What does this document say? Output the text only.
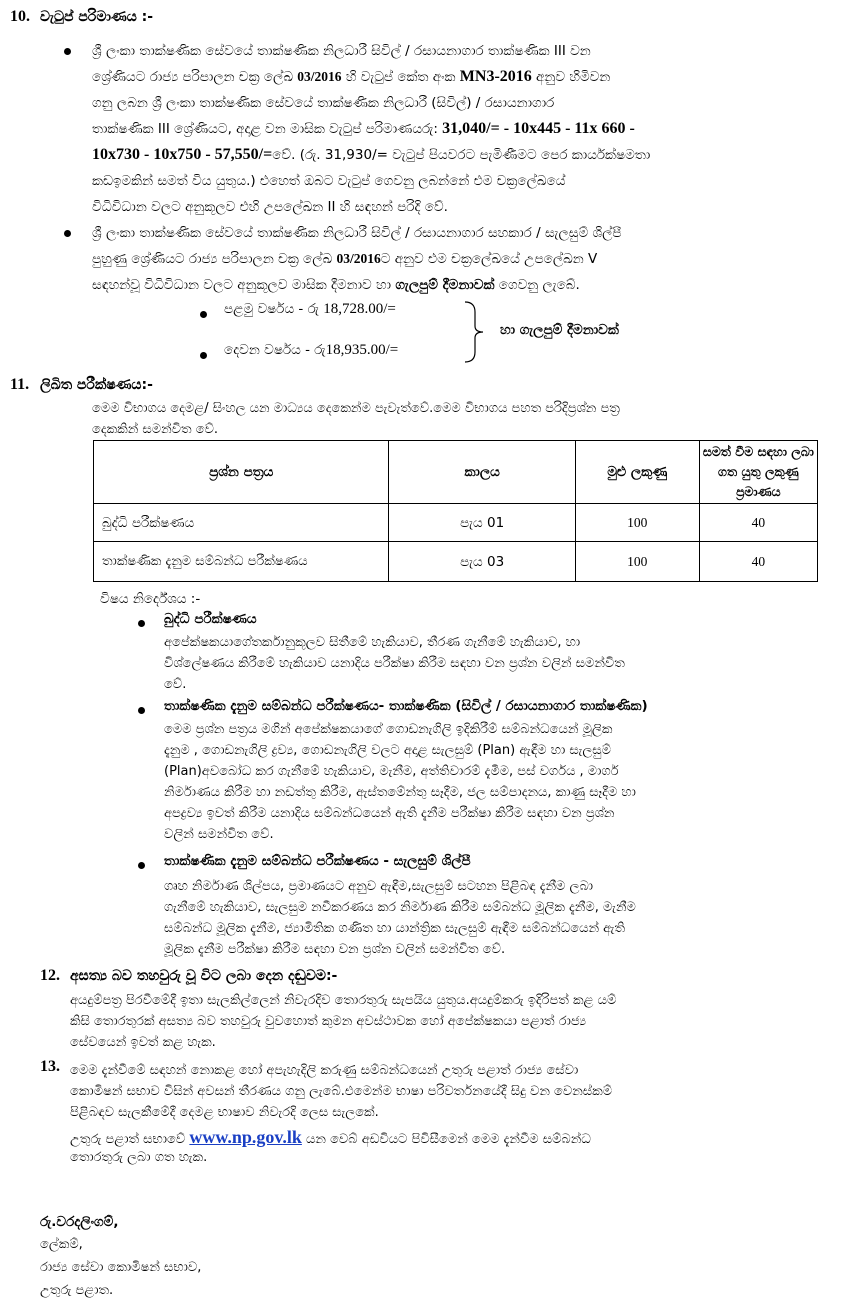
10. වැටුප් පරිමාණය :-
ශ්‍රී ලංකා තාක්ෂණික සේවයේ තාක්ෂණික නිලධාරී සිවිල් / රසායනාගාර තාක්ෂණික III වන
ශ්‍රේණියට රාජ්‍ය පරිපාලන චක්‍ර ලේඛ 03/2016 හි වැටුප් කේත අංක MN3-2016 අනුව හිමිවන
ගනු ලබන ශ්‍රී ලංකා තාක්ෂණික සේවයේ තාක්ෂණික නිලධාරී (සිවිල්) / රසායනාගාර
තාක්ෂණික III ශ්‍රේණියට, අදාළ වන මාසික වැටුප් පරිමාණයරු: 31,040/= - 10x445 - 11x 660 -
10x730 - 10x750 - 57,550/=වේ. (රු. 31,930/= වැටුප් පියවරට පැමිණීමට පෙර කාර්යක්ෂමතා
කඩඉමකින් සමත් විය යුතුය.) එහෙත් ඔබට වැටුප් ගෙවනු ලබන්නේ එම චක්‍රලේඛයේ
විධිවිධාන වලට අනුකූලව එහි උපලේඛන II හි සඳහන් පරිදි වේ.
ශ්‍රී ලංකා තාක්ෂණික සේවයේ තාක්ෂණික නිලධාරී සිවිල් / රසායනාගාර සහකාර / සැලසුම් ශිල්පී
පුහුණු ශ්‍රේණියට රාජ්‍ය පරිපාලන චක්‍ර ලේඛ 03/2016ට අනුව එම චක්‍රලේඛයේ උපලේඛන V
සඳහන්වූ විධිවිධාන වලට අනුකූලව මාසික දීමනාව හා ගැලපුම් දීමනාවක් ගෙවනු ලැබේ.
පළමු වර්ෂය - රු 18,728.00/=
දෙවන වර්ෂය - රු18,935.00/=
හා ගැලපුම් දීමනාවක්
11. ලිඛිත පරීක්ෂණය:-
මෙම විභාගය දෙමළ/ සිංහල යන මාධ්‍යය දෙකෙන්ම පැවැත්වේ.මෙම විභාගය පහත පරිදිප්‍රශ්න පත්‍ර
දෙකකින් සමන්විත වේ.
ප්‍රශ්න පත්‍රය	කාලය	මුළු ලකුණු	සමත් වීම සඳහා ලබා ගත යුතු ලකුණු ප්‍රමාණය
බුද්ධි පරීක්ෂණය	පැය 01	100	40
තාක්ෂණික දැනුම සම්බන්ධ පරීක්ෂණය	පැය 03	100	40
විෂය නිර්දේශය :-
බුද්ධි පරීක්ෂණය
අපේක්ෂකයාගේතර්කානුකූලව සිතීමේ හැකියාව, තීරණ ගැනීමේ හැකියාව, හා
විශ්ලේෂණය කිරීමේ හැකියාව යනාදිය පරීක්ෂා කිරීම සඳහා වන ප්‍රශ්න වලින් සමන්විත
වේ.
තාක්ෂණික දැනුම සම්බන්ධ පරීක්ෂණය- තාක්ෂණික (සිවිල් / රසායනාගාර තාක්ෂණික)
මෙම ප්‍රශ්න පත්‍රය මගින් අපේක්ෂකයාගේ ගොඩනැගිලි ඉදිකිරීම් සම්බන්ධයෙන් මූලික
දැනුම , ගොඩනැගිලි ද්‍රව්‍ය, ගොඩනැගිලි වලට අදාළ සැලසුම් (Plan) ඇඳීම හා සැලසුම්
(Plan)අවබෝධ කර ගැනීමේ හැකියාව, මැනීම, අත්තිවාරම් දැමීම, පස් වර්ගය , මාර්ග
නිර්මාණය කිරීම හා නඩත්තු කිරීම, ඇස්තමේන්තු සෑදීම, ජල සම්පාදනය, කාණු සෑදීම හා
අපද්‍රව්‍ය ඉවත් කිරීම යනාදිය සම්බන්ධයෙන් ඇති දැනීම පරීක්ෂා කිරීම සඳහා වන ප්‍රශ්න
වලින් සමන්විත වේ.
තාක්ෂණික දැනුම සම්බන්ධ පරීක්ෂණය - සැලසුම් ශිල්පී
ගෘහ නිර්මාණ ශිල්පය, ප්‍රමාණයට අනුව ඇඳීම,සැලසුම් සටහන පිළිබඳ දැනීම ලබා
ගැනීමේ හැකියාව, සැලසුම නවීකරණය කර නිර්මාණ කිරීම සම්බන්ධ මූලික දැනීම, මැනීම
සම්බන්ධ මූලික දැනීම, ජ්‍යාමිතික ගණිත හා යාන්ත්‍රික සැලසුම් ඇඳීම සම්බන්ධයෙන් ඇති
මූලික දැනීම පරීක්ෂා කිරීම සඳහා වන ප්‍රශ්න වලින් සමන්විත වේ.
12. අසත්‍ය බව තහවුරු වූ විට ලබා දෙන දඬුවම:-
අයදුම්පත්‍ර පිරවීමේදී ඉතා සැලකිල්ලෙන් නිවැරදිව තොරතුරු සැපයිය යුතුය.අයදුම්කරු ඉදිරිපත් කළ යම්
කිසි තොරතුරක් අසත්‍ය බව තහවුරු වුවහොත් කුමන අවස්ථාවක හෝ අපේක්ෂකයා පළාත් රාජ්‍ය
සේවයෙන් ඉවත් කළ හැක.
13. මෙම දැන්වීමේ සඳහන් නොකළ හෝ අපැහැදිලි කරුණු සම්බන්ධයෙන් උතුරු පළාත් රාජ්‍ය සේවා
කොමිෂන් සභාව විසින් අවසන් තීරණය ගනු ලැබේ.එමෙන්ම භාෂා පරිවර්තනයේදී සිදු වන වෙනස්කම්
පිළිබඳව සැලකීමේදී දෙමළ භාෂාව නිවැරදි ලෙස සැලකේ.
උතුරු පළාත් සභාවේ www.np.gov.lk යන වෙබ් අඩවියට පිවිසීමෙන් මෙම දැන්වීම සම්බන්ධ
තොරතුරු ලබා ගත හැක.
රු.වරදලිංගම්,
ලේකම්,
රාජ්‍ය සේවා කොමිෂන් සභාව,
උතුරු පළාත.
